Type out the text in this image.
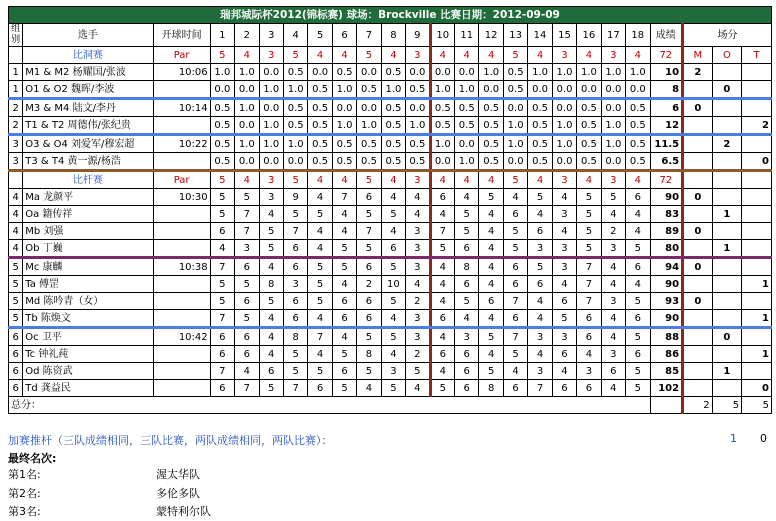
瑞邦城际杯2012(锦标赛) 球场：Brockville 比赛日期：2012-09-09																								
组别	选手	开球时间	1	2	3	4	5	6	7	8	9	10	11	12	13	14	15	16	17	18	成绩	场分		
	比洞赛	Par	5	4	3	5	4	4	5	4	3	4	4	4	5	4	3	4	3	4	72	M	O	T
1	M1 & M2 杨耀国/张波	10:06	1.0	1.0	0.0	0.5	0.0	0.5	0.0	0.5	0.0	0.0	0.0	1.0	0.5	1.0	1.0	1.0	1.0	1.0	10	2		
1	O1 & O2 魏晖/李波		0.0	0.0	1.0	1.0	0.5	1.0	0.5	1.0	0.5	1.0	1.0	0.0	0.5	0.0	0.0	0.0	0.0	0.0	8		0	
2	M3 & M4 陆文/李丹	10:14	0.5	1.0	0.0	0.5	0.5	0.0	0.0	0.5	0.0	0.5	0.5	0.5	0.0	0.5	0.0	0.5	0.0	0.5	6	0		
2	T1 & T2 周德伟/张纪贵		0.5	0.0	1.0	0.5	0.5	1.0	1.0	0.5	1.0	0.5	0.5	0.5	1.0	0.5	1.0	0.5	1.0	0.5	12			2
3	O3 & O4 刘爱军/穆宏超	10:22	0.5	1.0	1.0	1.0	0.5	0.5	0.5	0.5	0.5	1.0	0.0	0.5	1.0	0.5	1.0	0.5	1.0	0.5	11.5		2	
3	T3 & T4 黄一源/杨浩		0.5	0.0	0.0	0.0	0.5	0.5	0.5	0.5	0.5	0.0	1.0	0.5	0.0	0.5	0.0	0.5	0.0	0.5	6.5			0
	比杆赛	Par	5	4	3	5	4	4	5	4	3	4	4	4	5	4	3	4	3	4	72			
4	Ma 龙颜平	10:30	5	5	3	9	4	7	6	4	4	6	4	5	4	5	4	5	5	6	90	0		
4	Oa 籍传祥		5	7	4	5	5	4	5	5	4	4	5	4	6	4	3	5	4	4	83		1	
4	Mb 刘强		6	7	5	7	4	4	7	4	3	7	5	4	5	6	4	5	2	4	89	0		
4	Ob 丁巍		4	3	5	6	4	5	5	6	3	5	6	4	5	3	3	5	3	5	80		1	
5	Mc 康麟	10:38	7	6	4	6	5	5	6	5	3	4	8	4	6	5	3	7	4	6	94	0		
5	Ta 傅罡		5	5	8	3	5	4	2	10	4	4	6	4	6	6	4	7	4	4	90			1
5	Md 陈吟青（女）		5	6	5	6	5	6	6	5	2	4	5	6	7	4	6	7	3	5	93	0		
5	Tb 陈焕文		7	5	4	6	4	6	6	4	3	6	4	4	6	4	5	6	4	6	90			1
6	Oc 卫平	10:42	6	6	4	8	7	4	5	5	3	4	3	5	7	3	3	6	4	5	88		0	
6	Tc 钟礼莼		6	6	4	5	4	5	8	4	2	6	6	4	5	4	6	4	3	6	86			1
6	Od 陈资武		7	4	6	5	5	6	5	3	5	4	6	5	4	3	4	3	6	5	85		1	
6	Td 龚益民		6	7	5	7	6	5	4	5	4	5	6	8	6	7	6	6	4	5	102			0
总分：																						2	5	5
加赛推杆（三队成绩相同，三队比赛，两队成绩相同，两队比赛）：	1 0
最终名次:
第1名:	渥太华队
第2名:	多伦多队
第3名:	蒙特利尔队
